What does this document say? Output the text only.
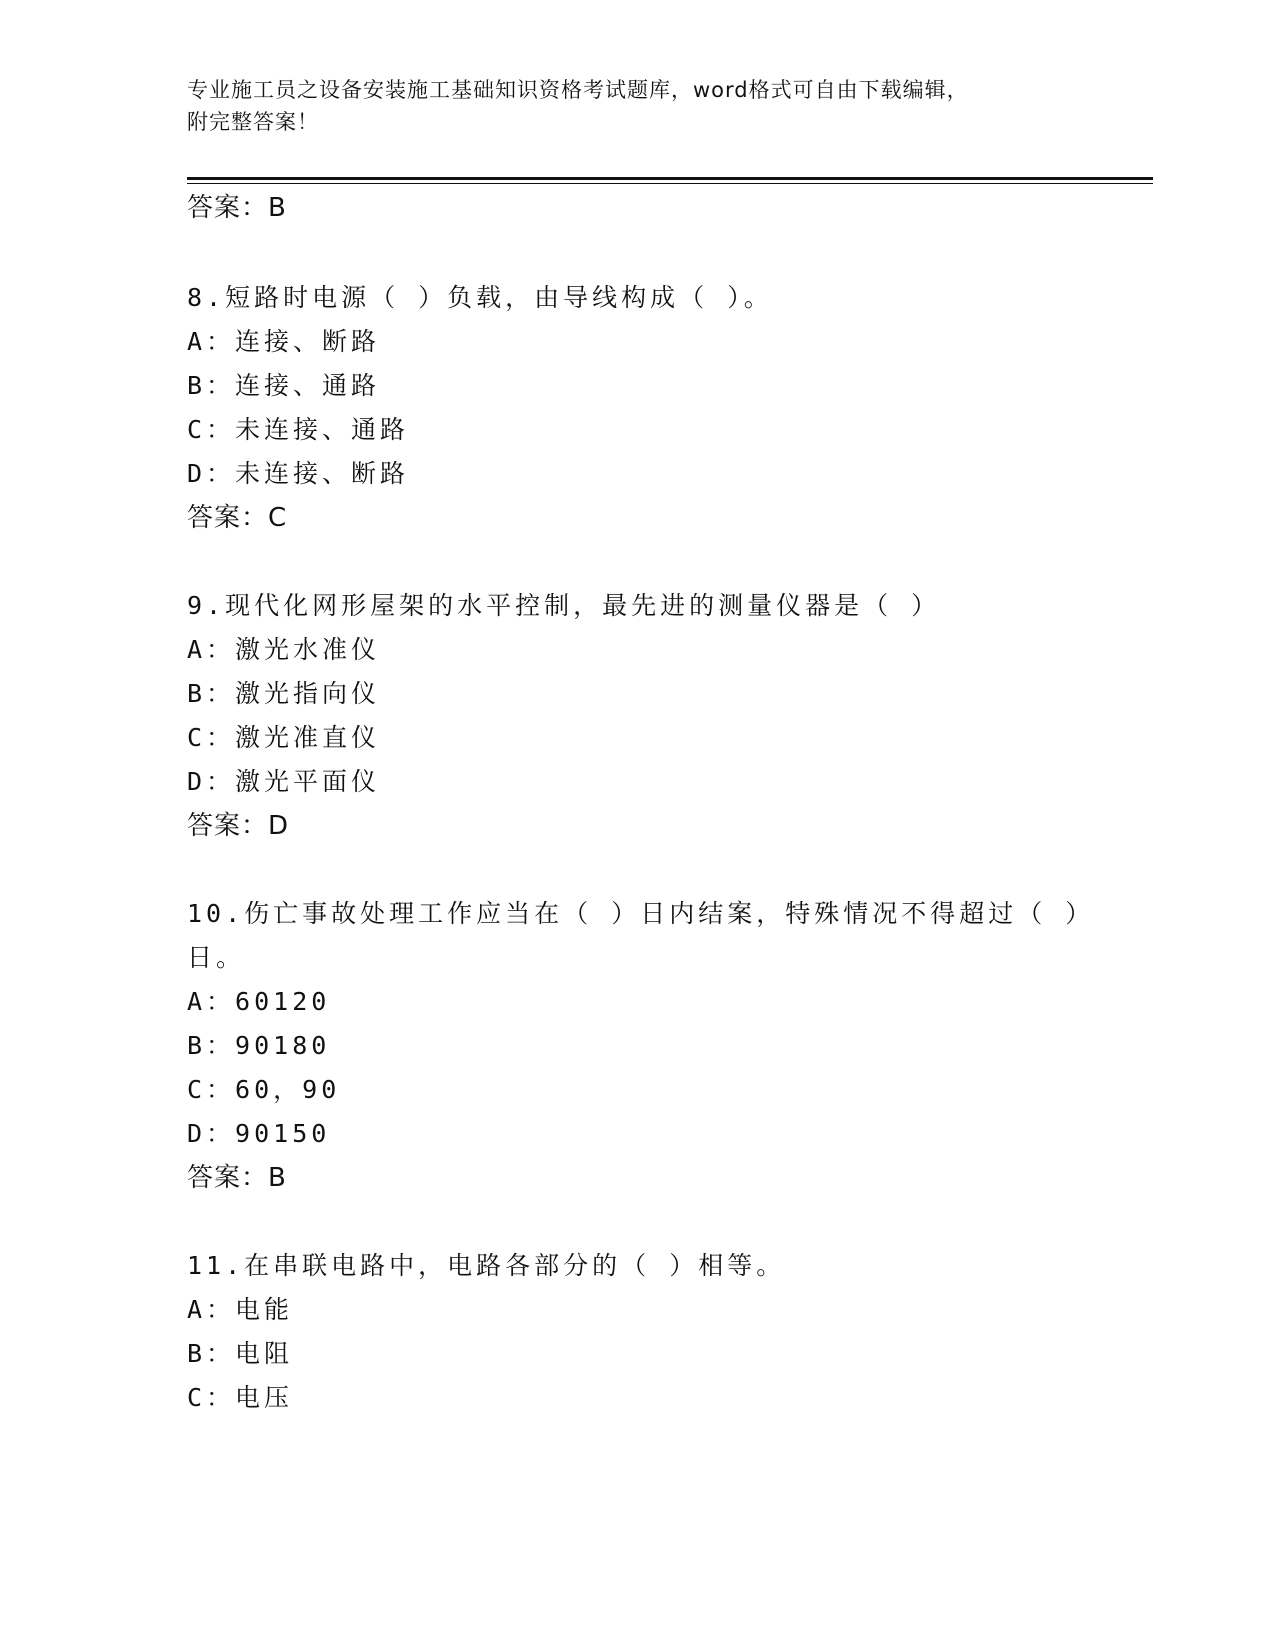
专业施工员之设备安装施工基础知识资格考试题库，word格式可自由下载编辑，
附完整答案！
答案：B
8.短路时电源（ ）负载，由导线构成（ ）。
A：连接、断路
B：连接、通路
C：未连接、通路
D：未连接、断路
答案：C
9.现代化网形屋架的水平控制，最先进的测量仪器是（ ）
A：激光水准仪
B：激光指向仪
C：激光准直仪
D：激光平面仪
答案：D
10.伤亡事故处理工作应当在（ ）日内结案，特殊情况不得超过（ ）
日。
A：60120
B：90180
C：60，90
D：90150
答案：B
11.在串联电路中，电路各部分的（ ）相等。
A：电能
B：电阻
C：电压
